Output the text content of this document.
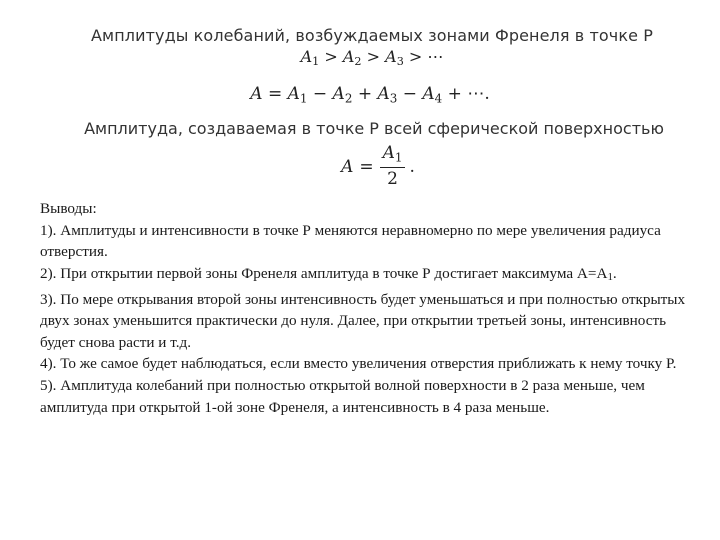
Амплитуды колебаний, возбуждаемых зонами Френеля в точке Р
$A_1 > A_2 > A_3$ > ⋯
$A = A_1 - A_2 + A_3 - A_4$ + ⋯.
Амплитуда, создаваемая в точке Р всей сферической поверхностью
$A = \frac{A_1}{2}$ .

Выводы:

1). Амплитуды и интенсивности в точке Р меняются неравномерно по мере увеличения радиуса отверстия.

2). При открытии первой зоны Френеля амплитуда в точке Р достигает максимума $А=А_1$.

3). По мере открывания второй зоны интенсивность будет уменьшаться и при полностью открытых двух зонах уменьшится практически до нуля. Далее, при открытии третьей зоны, интенсивность будет снова расти и т.д.

4). То же самое будет наблюдаться, если вместо увеличения отверстия приближать к нему точку Р.

5). Амплитуда колебаний при полностью открытой волной поверхности в 2 раза меньше, чем амплитуда при открытой 1-ой зоне Френеля, а интенсивность в 4 раза меньше.
